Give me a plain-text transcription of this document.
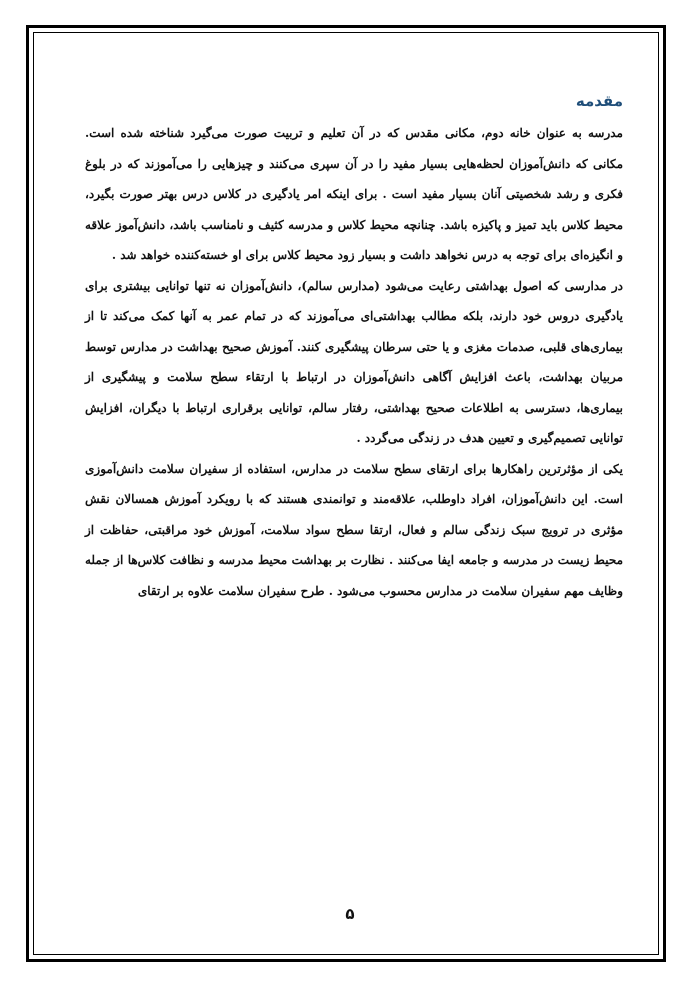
مقدمه

مدرسه به عنوان خانه دوم، مکانی مقدس که در آن تعلیم و تربیت صورت می‌گیرد شناخته شده است. مکانی که دانش‌آموزان لحظه‌هایی بسیار مفید را در آن سپری می‌کنند و چیزهایی را می‌آموزند که در بلوغ فکری و رشد شخصیتی آنان بسیار مفید است . برای اینکه امر یادگیری در کلاس درس بهتر صورت بگیرد، محیط کلاس باید تمیز و پاکیزه باشد. چنانچه محیط کلاس و مدرسه کثیف و نامناسب باشد، دانش‌آموز علاقه و انگیزه‌ای برای توجه به درس نخواهد داشت و بسیار زود محیط کلاس برای او خسته‌کننده خواهد شد .

در مدارسی که اصول بهداشتی رعایت می‌شود (مدارس سالم)، دانش‌آموزان نه تنها توانایی بیشتری برای یادگیری دروس خود دارند، بلکه مطالب بهداشتی‌ای می‌آموزند که در تمام عمر به آنها کمک می‌کند تا از بیماری‌های قلبی، صدمات مغزی و یا حتی سرطان پیشگیری کنند. آموزش صحیح بهداشت در مدارس توسط مربیان بهداشت، باعث افزایش آگاهی دانش‌آموزان در ارتباط با ارتقاء سطح سلامت و پیشگیری از بیماری‌ها، دسترسی به اطلاعات صحیح بهداشتی، رفتار سالم، توانایی برقراری ارتباط با دیگران، افزایش توانایی تصمیم‌گیری و تعیین هدف در زندگی می‌گردد .

یکی از مؤثرترین راهکارها برای ارتقای سطح سلامت در مدارس، استفاده از سفیران سلامت دانش‌آموزی است. این دانش‌آموزان، افراد داوطلب، علاقه‌مند و توانمندی هستند که با رویکرد آموزش همسالان نقش مؤثری در ترویج سبک زندگی سالم و فعال، ارتقا سطح سواد سلامت، آموزش خود مراقبتی، حفاظت از محیط زیست در مدرسه و جامعه ایفا می‌کنند . نظارت بر بهداشت محیط مدرسه و نظافت کلاس‌ها از جمله وظایف مهم سفیران سلامت در مدارس محسوب می‌شود . طرح سفیران سلامت علاوه بر ارتقای

۵
